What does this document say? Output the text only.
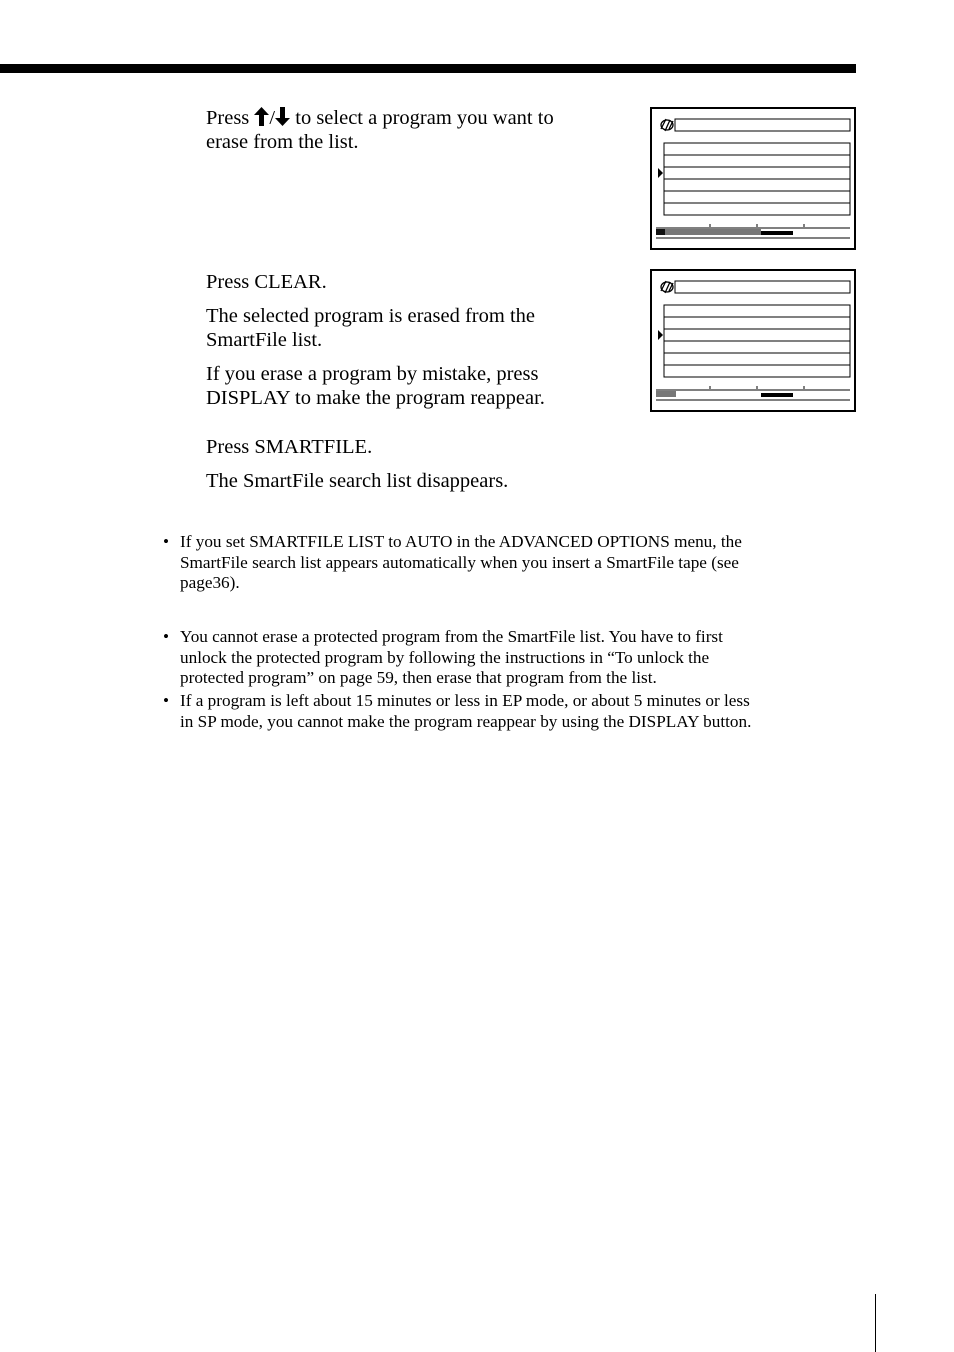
Press / to select a program you want to

erase from the list.

Press CLEAR.

The selected program is erased from the

SmartFile list.

If you erase a program by mistake, press

DISPLAY to make the program reappear.

Press SMARTFILE.

The SmartFile search list disappears.

• If you set SMARTFILE LIST to AUTO in the ADVANCED OPTIONS menu, the
SmartFile search list appears automatically when you insert a SmartFile tape (see
page36).
• You cannot erase a protected program from the SmartFile list. You have to first
unlock the protected program by following the instructions in “To unlock the
protected program” on page 59, then erase that program from the list.
• If a program is left about 15 minutes or less in EP mode, or about 5 minutes or less
in SP mode, you cannot make the program reappear by using the DISPLAY button.
